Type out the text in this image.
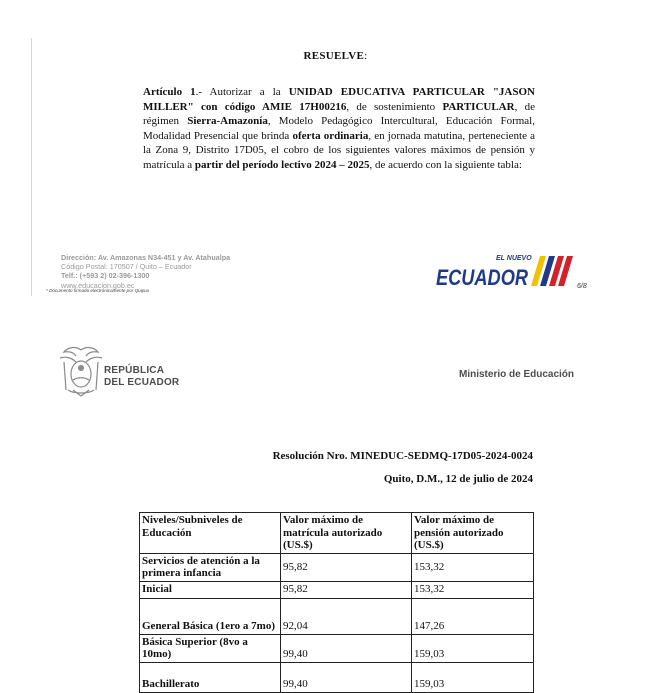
RESUELVE:
Artículo 1.- Autorizar a la UNIDAD EDUCATIVA PARTICULAR "JASON MILLER" con código AMIE 17H00216, de sostenimiento PARTICULAR, de régimen Sierra-Amazonía, Modelo Pedagógico Intercultural, Educación Formal, Modalidad Presencial que brinda oferta ordinaria, en jornada matutina, perteneciente a la Zona 9, Distrito 17D05, el cobro de los siguientes valores máximos de pensión y matrícula a partir del período lectivo 2024 – 2025, de acuerdo con la siguiente tabla:
Dirección: Av. Amazonas N34-451 y Av. Atahualpa
Código Postal: 170507 / Quito – Ecuador
Telf.: (+593 2) 02-396-1300
www.educacion.gob.ec
* Documento firmado electrónicamente por Quipux
EL NUEVO
ECUADOR	6/8
REPÚBLICA
DEL ECUADOR
Ministerio de Educación
Resolución Nro. MINEDUC-SEDMQ-17D05-2024-0024
Quito, D.M., 12 de julio de 2024
Niveles/Subniveles de Educación	Valor máximo de matrícula autorizado (US.$)	Valor máximo de pensión autorizado (US.$)
Servicios de atención a la primera infancia	95,82	153,32
Inicial	95,82	153,32
General Básica (1ero a 7mo)	92,04	147,26
Básica Superior (8vo a 10mo)	99,40	159,03
Bachillerato	99,40	159,03
